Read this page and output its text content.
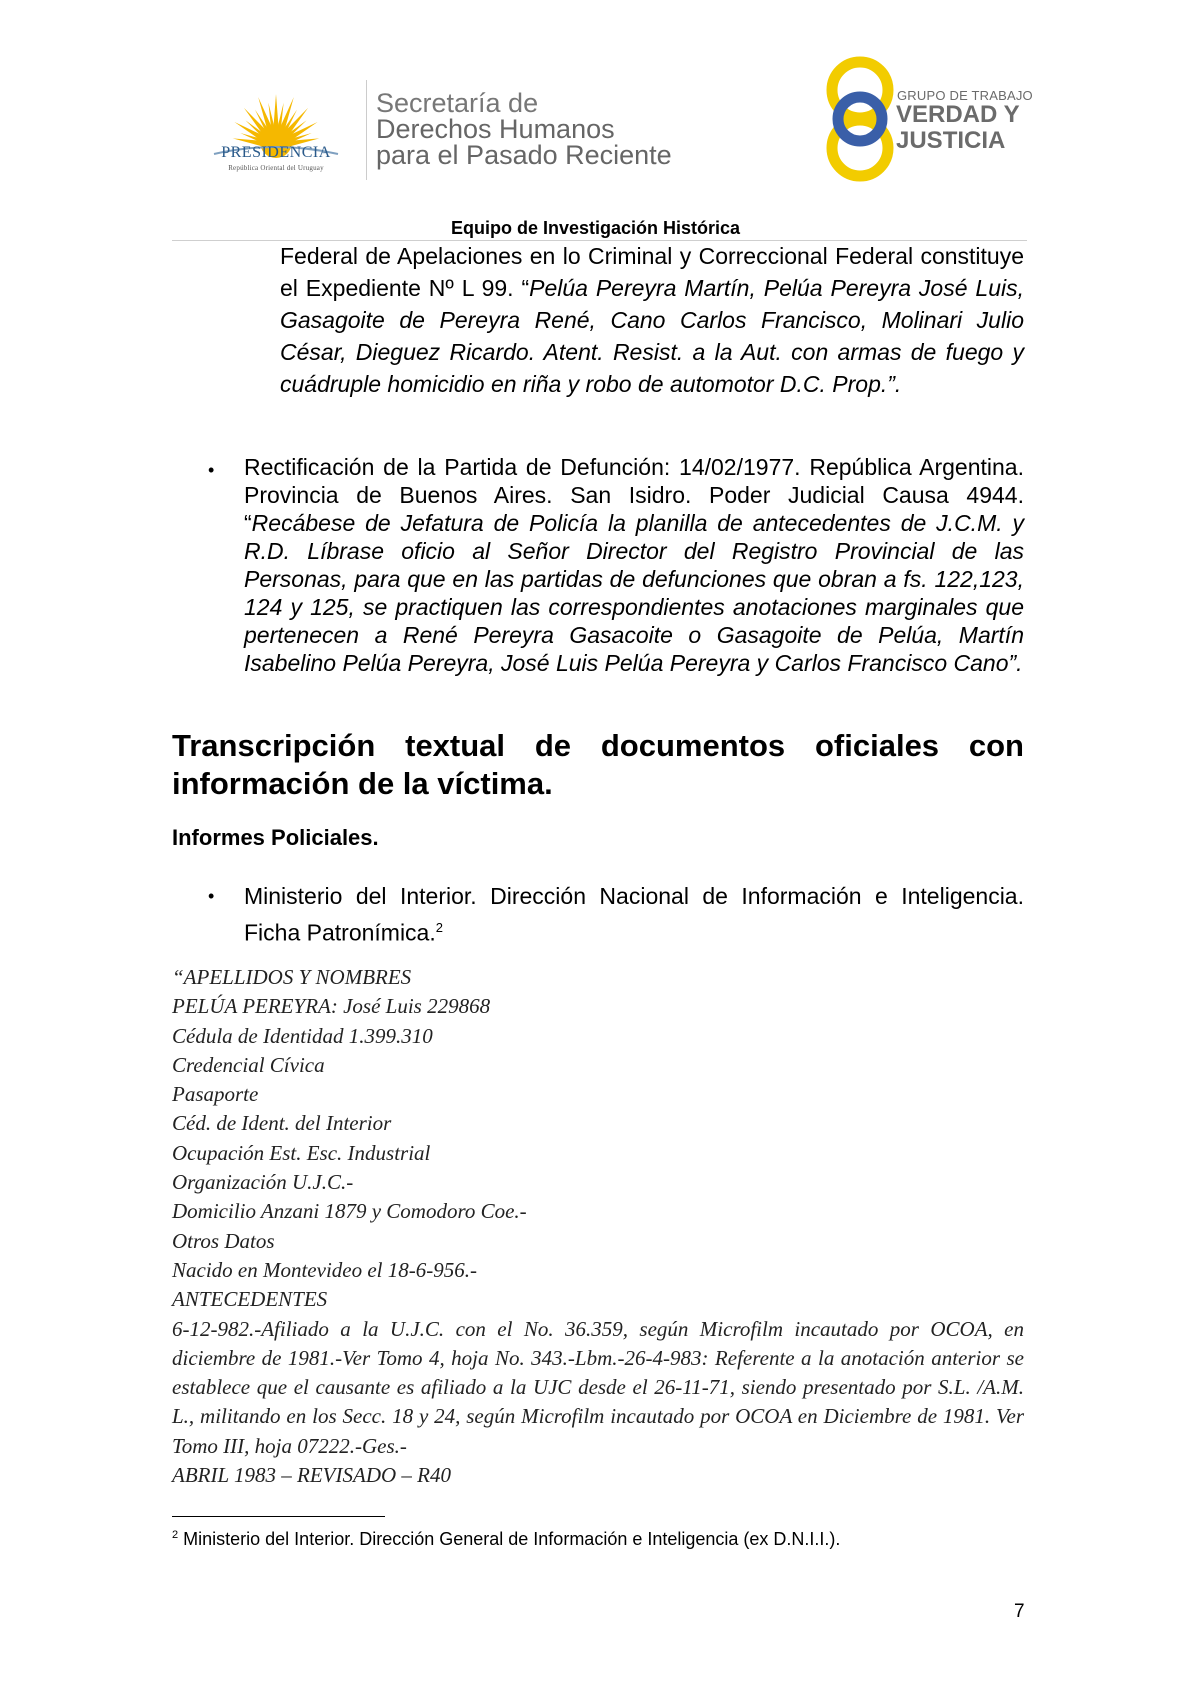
PRESIDENCIA
República Oriental del Uruguay
Secretaría de
Derechos Humanos
para el Pasado Reciente
GRUPO DE TRABAJO
VERDAD Y
JUSTICIA
Equipo de Investigación Histórica
Federal de Apelaciones en lo Criminal y Correccional Federal constituye el Expediente Nº L 99. “Pelúa Pereyra Martín, Pelúa Pereyra José Luis, Gasagoite de Pereyra René, Cano Carlos Francisco, Molinari Julio César, Dieguez Ricardo. Atent. Resist. a la Aut. con armas de fuego y cuádruple homicidio en riña y robo de automotor D.C. Prop.”.
• Rectificación de la Partida de Defunción: 14/02/1977. República Argentina. Provincia de Buenos Aires. San Isidro. Poder Judicial Causa 4944. “Recábese de Jefatura de Policía la planilla de antecedentes de J.C.M. y R.D. Líbrase oficio al Señor Director del Registro Provincial de las Personas, para que en las partidas de defunciones que obran a fs. 122,123, 124 y 125, se practiquen las correspondientes anotaciones marginales que pertenecen a René Pereyra Gasacoite o Gasagoite de Pelúa, Martín Isabelino Pelúa Pereyra, José Luis Pelúa Pereyra y Carlos Francisco Cano”.
Transcripción textual de documentos oficiales con información de la víctima.
Informes Policiales.
• Ministerio del Interior. Dirección Nacional de Información e Inteligencia. Ficha Patronímica.$^2$
“APELLIDOS Y NOMBRES
PELÚA PEREYRA: José Luis 229868
Cédula de Identidad 1.399.310
Credencial Cívica
Pasaporte
Céd. de Ident. del Interior
Ocupación Est. Esc. Industrial
Organización U.J.C.-
Domicilio Anzani 1879 y Comodoro Coe.-
Otros Datos
Nacido en Montevideo el 18-6-956.-
ANTECEDENTES
6-12-982.-Afiliado a la U.J.C. con el No. 36.359, según Microfilm incautado por OCOA, en diciembre de 1981.-Ver Tomo 4, hoja No. 343.-Lbm.-26-4-983: Referente a la anotación anterior se establece que el causante es afiliado a la UJC desde el 26-11-71, siendo presentado por S.L. /A.M. L., militando en los Secc. 18 y 24, según Microfilm incautado por OCOA en Diciembre de 1981. Ver Tomo III, hoja 07222.-Ges.-
ABRIL 1983 – REVISADO – R40
$^2$ Ministerio del Interior. Dirección General de Información e Inteligencia (ex D.N.I.I.).
7
